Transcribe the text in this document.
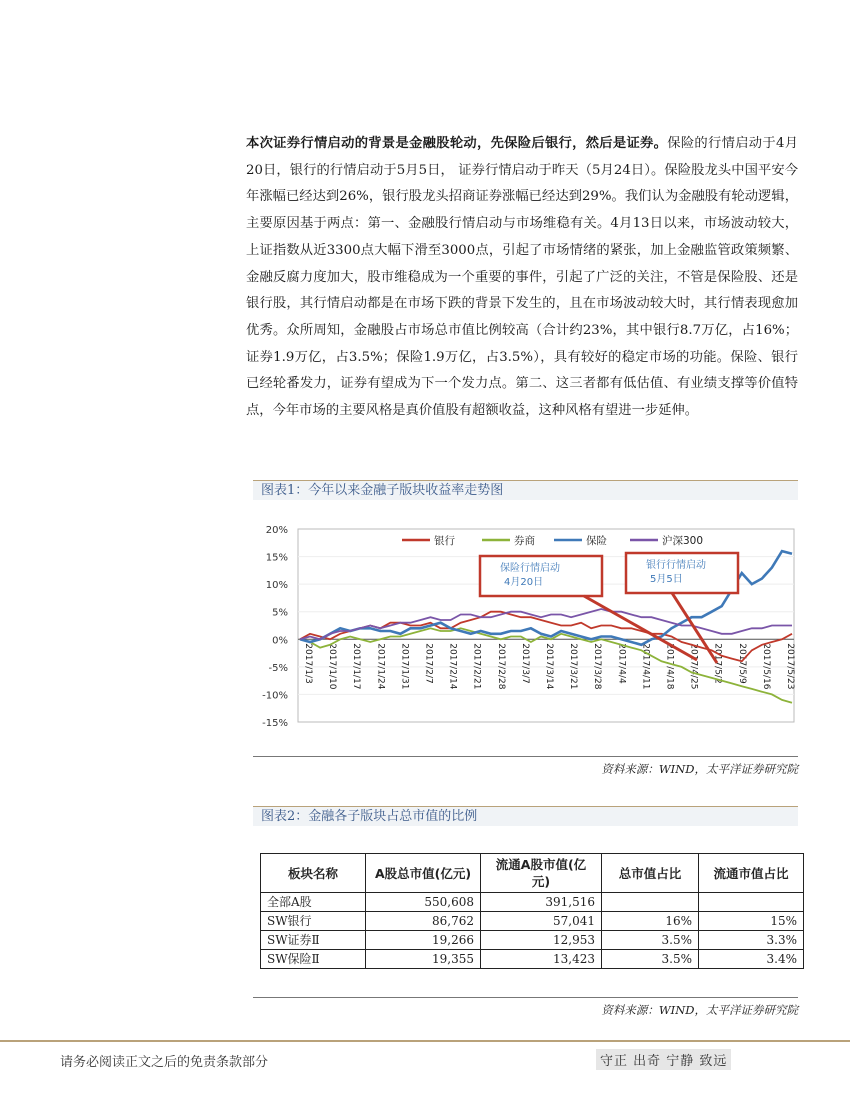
本次证券行情启动的背景是金融股轮动，先保险后银行，然后是证券。保险的行情启动于4月20日，银行的行情启动于5月5日， 证券行情启动于昨天（5月24日）。保险股龙头中国平安今年涨幅已经达到26%，银行股龙头招商证券涨幅已经达到29%。我们认为金融股有轮动逻辑，主要原因基于两点：第一、金融股行情启动与市场维稳有关。4月13日以来，市场波动较大，上证指数从近3300点大幅下滑至3000点，引起了市场情绪的紧张，加上金融监管政策频繁、金融反腐力度加大，股市维稳成为一个重要的事件，引起了广泛的关注，不管是保险股、还是银行股，其行情启动都是在市场下跌的背景下发生的，且在市场波动较大时，其行情表现愈加优秀。众所周知，金融股占市场总市值比例较高（合计约23%，其中银行8.7万亿，占16%；证券1.9万亿，占3.5%；保险1.9万亿，占3.5%），具有较好的稳定市场的功能。保险、银行已经轮番发力，证券有望成为下一个发力点。第二、这三者都有低估值、有业绩支撑等价值特点，今年市场的主要风格是真价值股有超额收益，这种风格有望进一步延伸。
图表1：今年以来金融子版块收益率走势图
20%
15%
10%
5%
0%
-5%
-10%
-15%
2017/1/3 2017/1/10 2017/1/17 2017/1/24 2017/1/31 2017/2/7 2017/2/14 2017/2/21 2017/2/28 2017/3/7 2017/3/14 2017/3/21 2017/3/28 2017/4/4 2017/4/11 2017/4/18 2017/4/25 2017/5/2 2017/5/9 2017/5/16 2017/5/23
银行	券商	保险	沪深300
保险行情启动
4月20日
银行行情启动
5月5日
资料来源：WIND，太平洋证券研究院
图表2：金融各子版块占总市值的比例
板块名称	A股总市值(亿元)	流通A股市值(亿元)	总市值占比	流通市值占比
全部A股	550,608	391,516		
SW银行	86,762	57,041	16%	15%
SW证券Ⅱ	19,266	12,953	3.5%	3.3%
SW保险Ⅱ	19,355	13,423	3.5%	3.4%
资料来源：WIND，太平洋证券研究院
请务必阅读正文之后的免责条款部分	守正 出奇 宁静 致远
